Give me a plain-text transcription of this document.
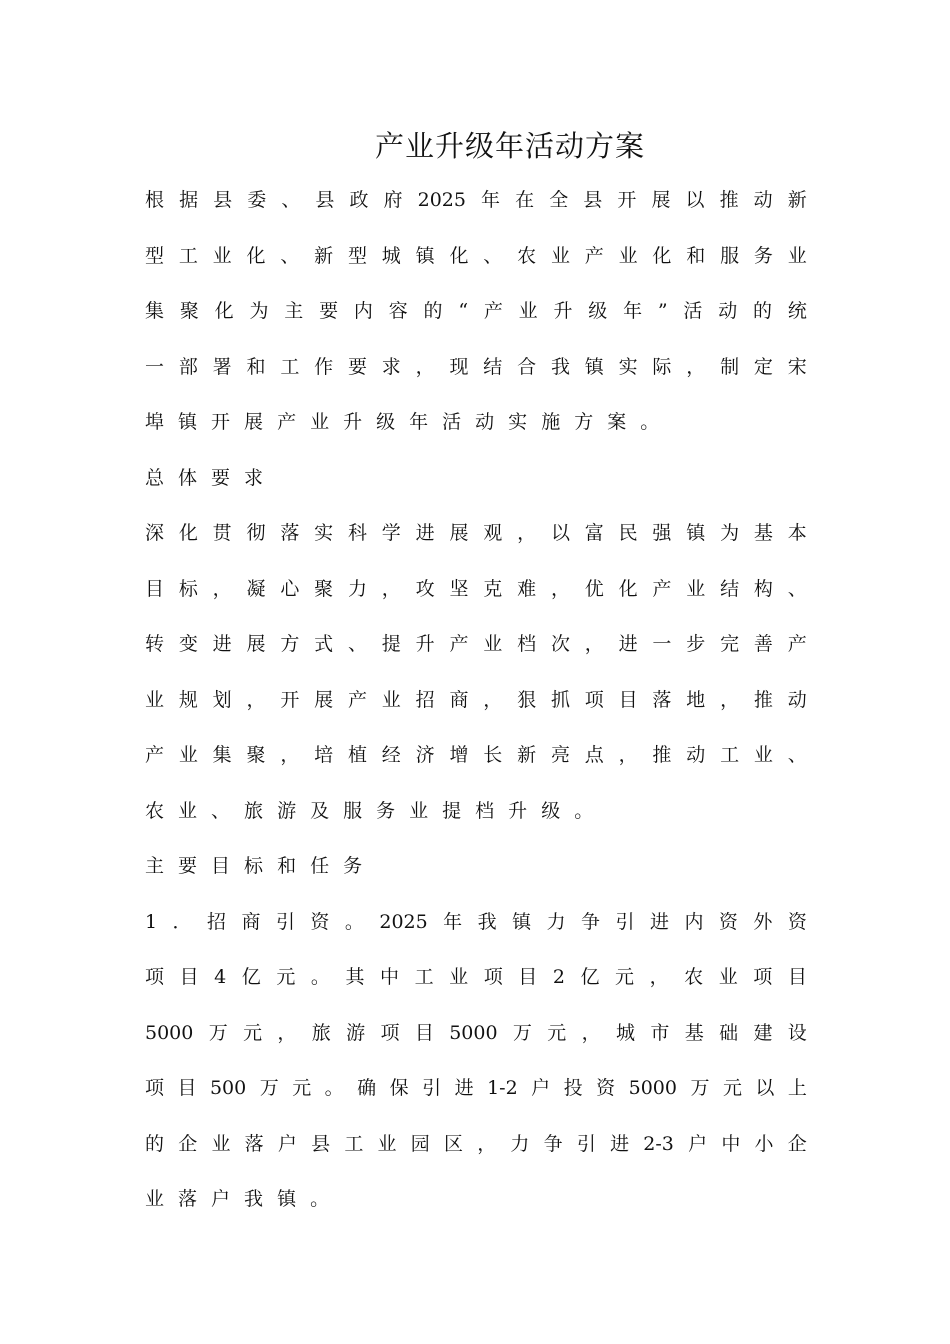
产业升级年活动方案
根 据 县 委 、 县 政 府 2025 年 在 全 县 开 展 以 推 动 新
型 工 业 化 、 新 型 城 镇 化 、 农 业 产 业 化 和 服 务 业
集 聚 化 为 主 要 内 容 的 “ 产 业 升 级 年 ” 活 动 的 统
一 部 署 和 工 作 要 求 ， 现 结 合 我 镇 实 际 ， 制 定 宋
埠 镇 开 展 产 业 升 级 年 活 动 实 施 方 案 。
总 体 要 求
深 化 贯 彻 落 实 科 学 进 展 观 ， 以 富 民 强 镇 为 基 本
目 标 ， 凝 心 聚 力 ， 攻 坚 克 难 ， 优 化 产 业 结 构 、
转 变 进 展 方 式 、 提 升 产 业 档 次 ， 进 一 步 完 善 产
业 规 划 ， 开 展 产 业 招 商 ， 狠 抓 项 目 落 地 ， 推 动
产 业 集 聚 ， 培 植 经 济 增 长 新 亮 点 ， 推 动 工 业 、
农 业 、 旅 游 及 服 务 业 提 档 升 级 。
主 要 目 标 和 任 务
1 ． 招 商 引 资 。 2025 年 我 镇 力 争 引 进 内 资 外 资
项 目 4 亿 元 。 其 中 工 业 项 目 2 亿 元 ， 农 业 项 目
5000 万 元 ， 旅 游 项 目 5000 万 元 ， 城 市 基 础 建 设
项 目 500 万 元 。 确 保 引 进 1-2 户 投 资 5000 万 元 以 上
的 企 业 落 户 县 工 业 园 区 ， 力 争 引 进 2-3 户 中 小 企
业 落 户 我 镇 。
